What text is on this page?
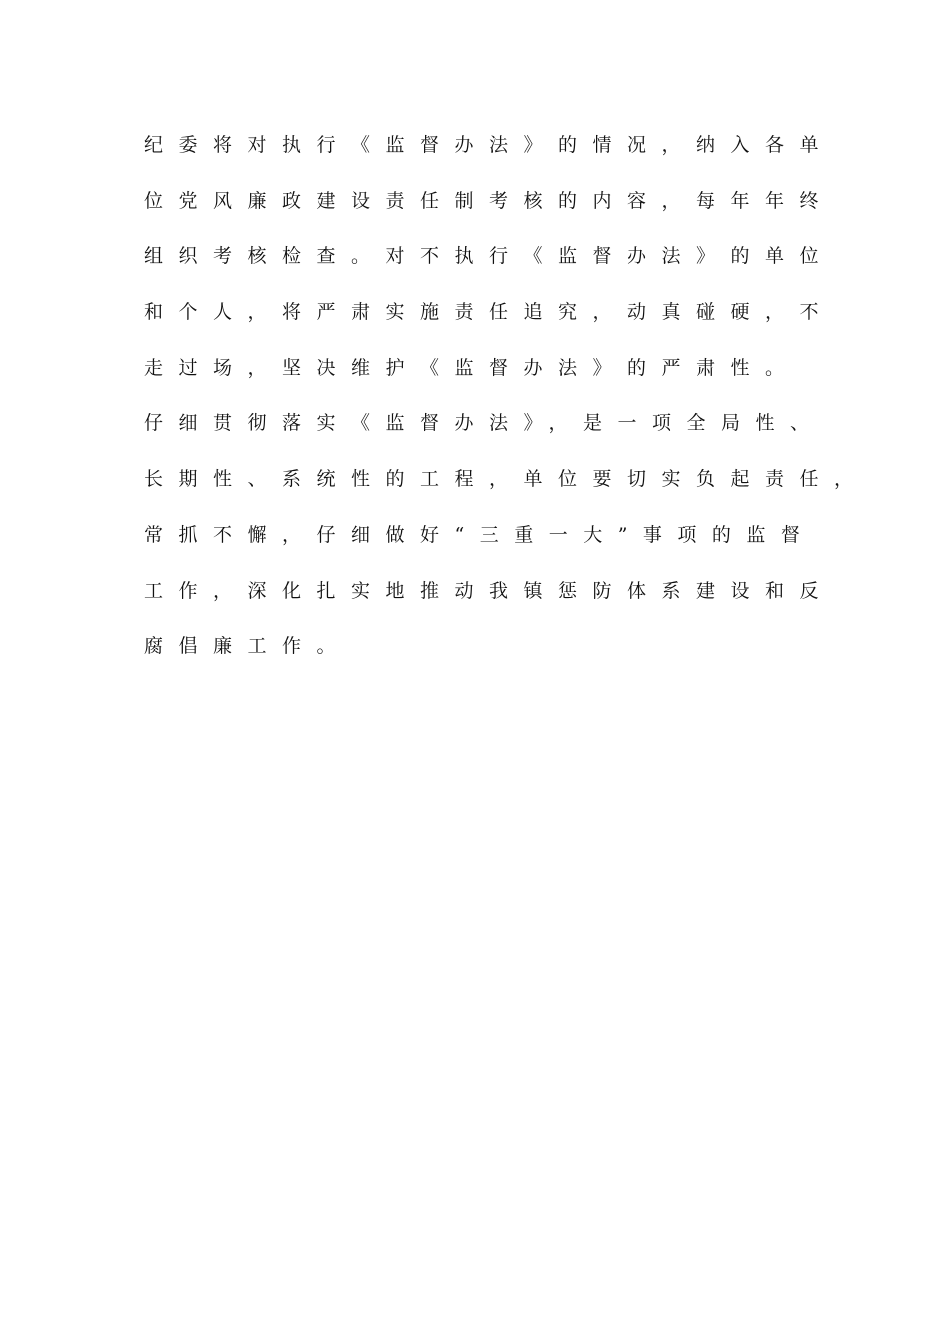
纪委将对执行《监督办法》的情况，纳入各单
位党风廉政建设责任制考核的内容，每年年终
组织考核检查。对不执行《监督办法》的单位
和个人，将严肃实施责任追究，动真碰硬，不
走过场，坚决维护《监督办法》的严肃性。
仔细贯彻落实《监督办法》，是一项全局性、
长期性、系统性的工程，单位要切实负起责任，
常抓不懈，仔细做好“三重一大”事项的监督
工作，深化扎实地推动我镇惩防体系建设和反
腐倡廉工作。
